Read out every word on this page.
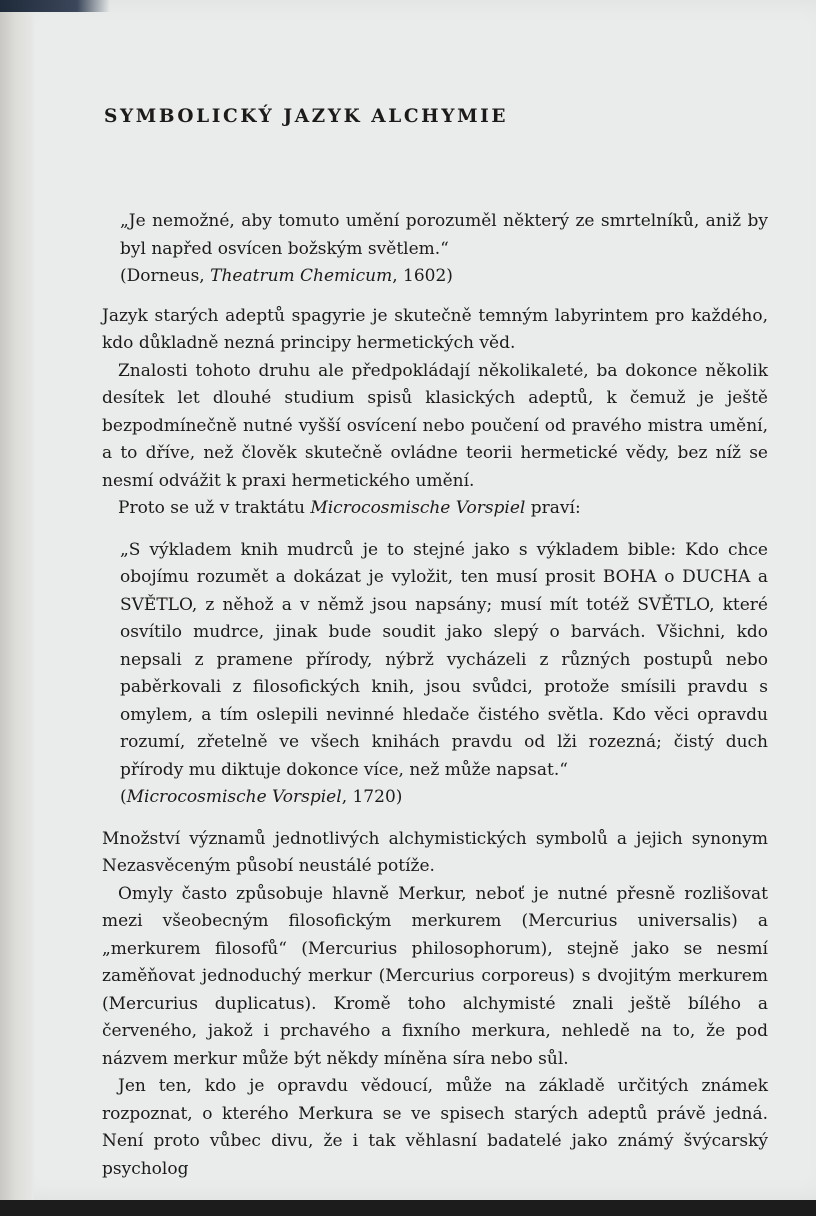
SYMBOLICKÝ JAZYK ALCHYMIE
„Je nemožné, aby tomuto umění porozuměl některý ze smrtelníků, aniž by byl napřed osvícen božským světlem.“
(Dorneus, Theatrum Chemicum, 1602)
Jazyk starých adeptů spagyrie je skutečně temným labyrintem pro každého, kdo důkladně nezná principy hermetických věd.
Znalosti tohoto druhu ale předpokládají několikaleté, ba dokonce několik desítek let dlouhé studium spisů klasických adeptů, k čemuž je ještě bezpodmínečně nutné vyšší osvícení nebo poučení od pravého mistra umění, a to dříve, než člověk skutečně ovládne teorii hermetické vědy, bez níž se nesmí odvážit k praxi hermetického umění.
Proto se už v traktátu Microcosmische Vorspiel praví:
„S výkladem knih mudrců je to stejné jako s výkladem bible: Kdo chce obojímu rozumět a dokázat je vyložit, ten musí prosit BOHA o DUCHA a SVĚTLO, z něhož a v němž jsou napsány; musí mít totéž SVĚTLO, které osvítilo mudrce, jinak bude soudit jako slepý o barvách. Všichni, kdo nepsali z pramene přírody, nýbrž vycházeli z různých postupů nebo paběrkovali z filosofických knih, jsou svůdci, protože smísili pravdu s omylem, a tím oslepili nevinné hledače čistého světla. Kdo věci opravdu rozumí, zřetelně ve všech knihách pravdu od lži rozezná; čistý duch přírody mu diktuje dokonce více, než může napsat.“
(Microcosmische Vorspiel, 1720)
Množství významů jednotlivých alchymistických symbolů a jejich synonym Nezasvěceným působí neustálé potíže.
Omyly často způsobuje hlavně Merkur, neboť je nutné přesně rozlišovat mezi všeobecným filosofickým merkurem (Mercurius universalis) a „merkurem filosofů“ (Mercurius philosophorum), stejně jako se nesmí zaměňovat jednoduchý merkur (Mercurius corporeus) s dvojitým merkurem (Mercurius duplicatus). Kromě toho alchymisté znali ještě bílého a červeného, jakož i prchavého a fixního merkura, nehledě na to, že pod názvem merkur může být někdy míněna síra nebo sůl.
Jen ten, kdo je opravdu vědoucí, může na základě určitých známek rozpoznat, o kterého Merkura se ve spisech starých adeptů právě jedná. Není proto vůbec divu, že i tak věhlasní badatelé jako známý švýcarský psycholog
